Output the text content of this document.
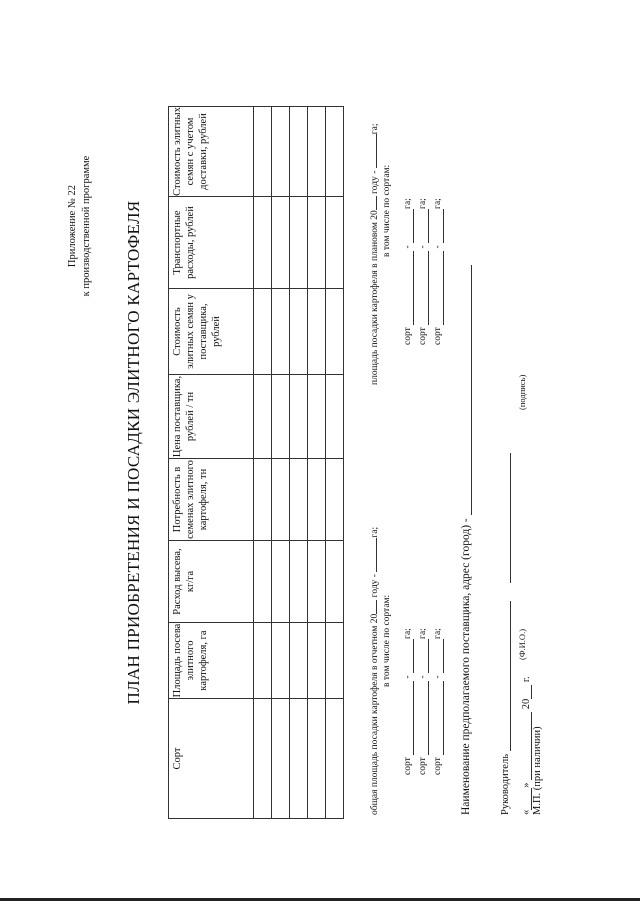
Приложение № 22 к производственной программе ПЛАН ПРИОБРЕТЕНИЯ И ПОСАДКИ ЭЛИТНОГО КАРТОФЕЛЯ
Сорт	Площадь посева элитного картофеля, га	Расход высева, кг/га	Потребность в семенах элитного картофеля, тн	Цена поставщика, рублей / тн	Стоимость элитных семян у поставщика, рублей	Транспортные расходы, рублей	Стоимость элитных семян с учетом доставки, рублей

общая площадь посадки картофеля в отчетном 20 году - га;
в том числе по сортам:
сорт

-

га;
сорт

-

га;
сорт

-

га;
площадь посадки картофеля в плановом 20 году - га;
в том числе по сортам:
сорт

-

га;
сорт

-

га;
сорт

-

га;
Наименование предполагаемого поставщика, адрес (город) -
	Руководитель

(Ф.И.О.)
(подпись)
«
»

20

г.
М.П. (при наличии)
